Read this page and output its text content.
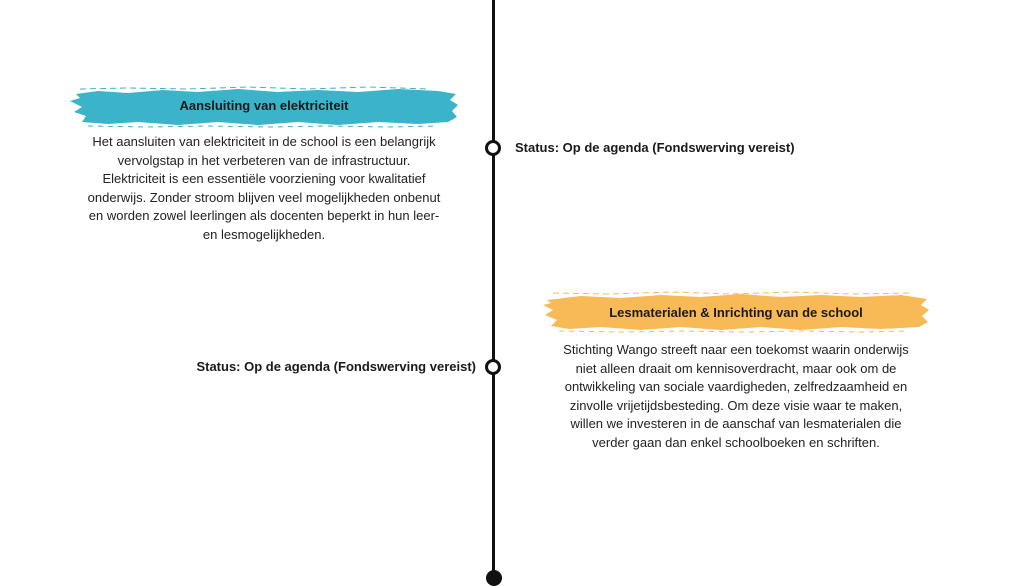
Aansluiting van elektriciteit
Het aansluiten van elektriciteit in de school is een belangrijk vervolgstap in het verbeteren van de infrastructuur. Elektriciteit is een essentiële voorziening voor kwalitatief onderwijs. Zonder stroom blijven veel mogelijkheden onbenut en worden zowel leerlingen als docenten beperkt in hun leer- en lesmogelijkheden.
Status: Op de agenda (Fondswerving vereist)
Lesmaterialen & Inrichting van de school
Stichting Wango streeft naar een toekomst waarin onderwijs niet alleen draait om kennisoverdracht, maar ook om de ontwikkeling van sociale vaardigheden, zelfredzaamheid en zinvolle vrijetijdsbesteding. Om deze visie waar te maken, willen we investeren in de aanschaf van lesmaterialen die verder gaan dan enkel schoolboeken en schriften.
Status: Op de agenda (Fondswerving vereist)
